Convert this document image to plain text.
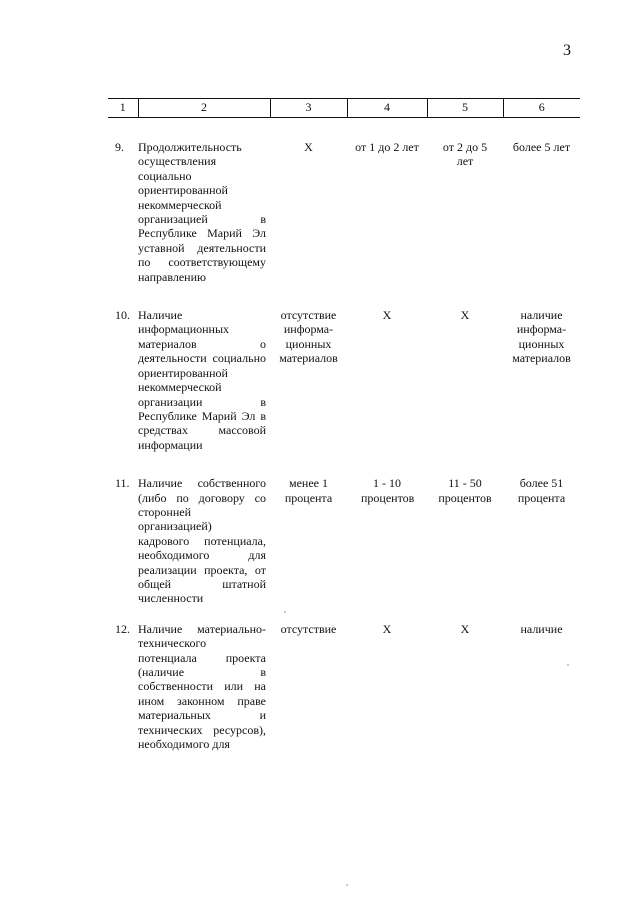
3
1	2	3	4	5	6

9.	Продолжительность осуществления социально ориентированной некоммерческой организацией в Республике Марий Эл уставной деятельности по соответствующему направлению	Х	от 1 до 2 лет	от 2 до 5 лет	более 5 лет

10.	Наличие информационных материалов о деятельности социально ориентированной некоммерческой организации в Республике Марий Эл в средствах массовой информации	отсутствие информа-ционных материалов	Х	Х	наличие информа-ционных материалов

11.	Наличие собственного (либо по договору со сторонней организацией) кадрового потенциала, необходимого для реализации проекта, от общей штатной численности	менее 1 процента	1 - 10 процентов	11 - 50 процентов	более 51 процента

12.	Наличие материально-технического потенциала проекта (наличие в собственности или на ином законном праве материальных и технических ресурсов), необходимого для	отсутствие	Х	Х	наличие
